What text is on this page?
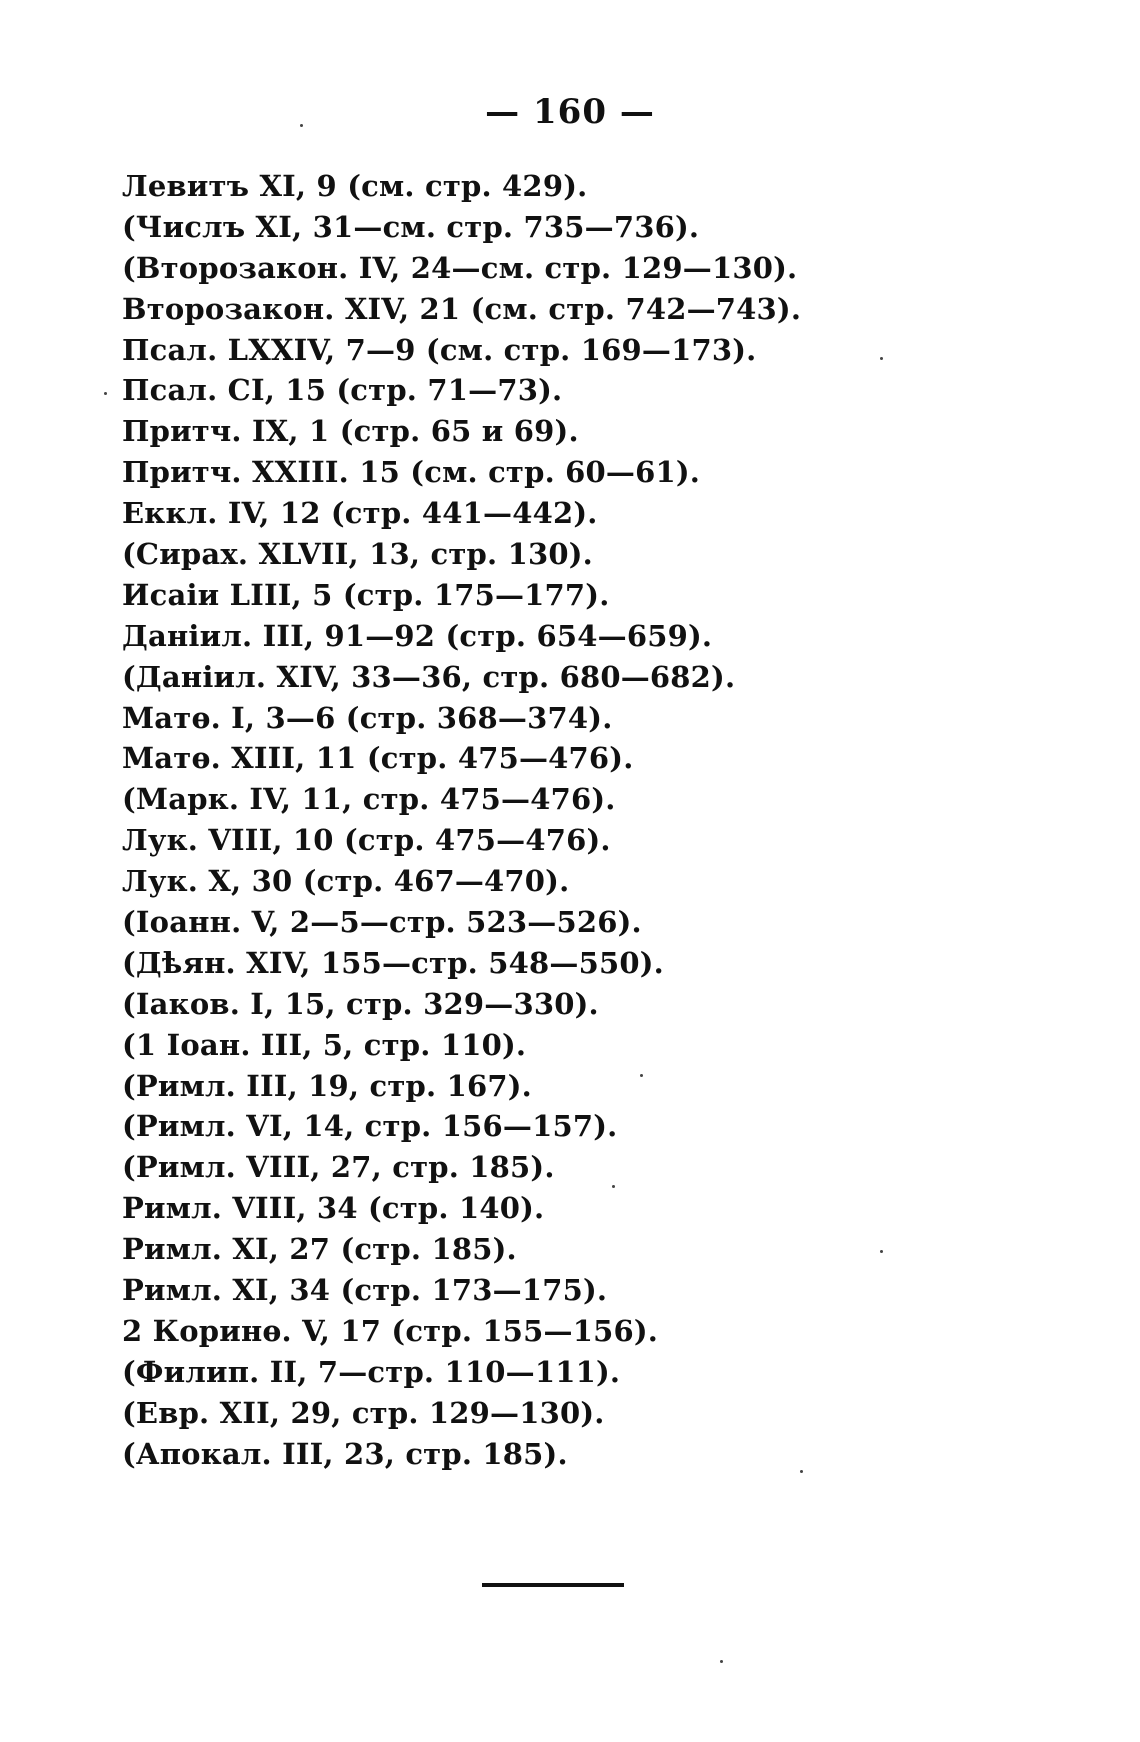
— 160 —
Левитъ XI, 9 (см. стр. 429).
(Числъ XI, 31—см. стр. 735—736).
(Второзакон. IV, 24—см. стр. 129—130).
Второзакон. XIV, 21 (см. стр. 742—743).
Псал. LXXIV, 7—9 (см. стр. 169—173).
Псал. CI, 15 (стр. 71—73).
Притч. IX, 1 (стр. 65 и 69).
Притч. XXIII. 15 (см. стр. 60—61).
Еккл. IV, 12 (стр. 441—442).
(Сирах. XLVII, 13, стр. 130).
Исаiи LIII, 5 (стр. 175—177).
Даніил. III, 91—92 (стр. 654—659).
(Даніил. XIV, 33—36, стр. 680—682).
Матѳ. I, 3—6 (стр. 368—374).
Матѳ. XIII, 11 (стр. 475—476).
(Марк. IV, 11, стр. 475—476).
Лук. VIII, 10 (стр. 475—476).
Лук. X, 30 (стр. 467—470).
(Іоанн. V, 2—5—стр. 523—526).
(Дѣян. XIV, 155—стр. 548—550).
(Іаков. I, 15, стр. 329—330).
(1 Іоан. III, 5, стр. 110).
(Римл. III, 19, стр. 167).
(Римл. VI, 14, стр. 156—157).
(Римл. VIII, 27, стр. 185).
Римл. VIII, 34 (стр. 140).
Римл. XI, 27 (стр. 185).
Римл. XI, 34 (стр. 173—175).
2 Коринѳ. V, 17 (стр. 155—156).
(Филип. II, 7—стр. 110—111).
(Евр. XII, 29, стр. 129—130).
(Апокал. III, 23, стр. 185).
